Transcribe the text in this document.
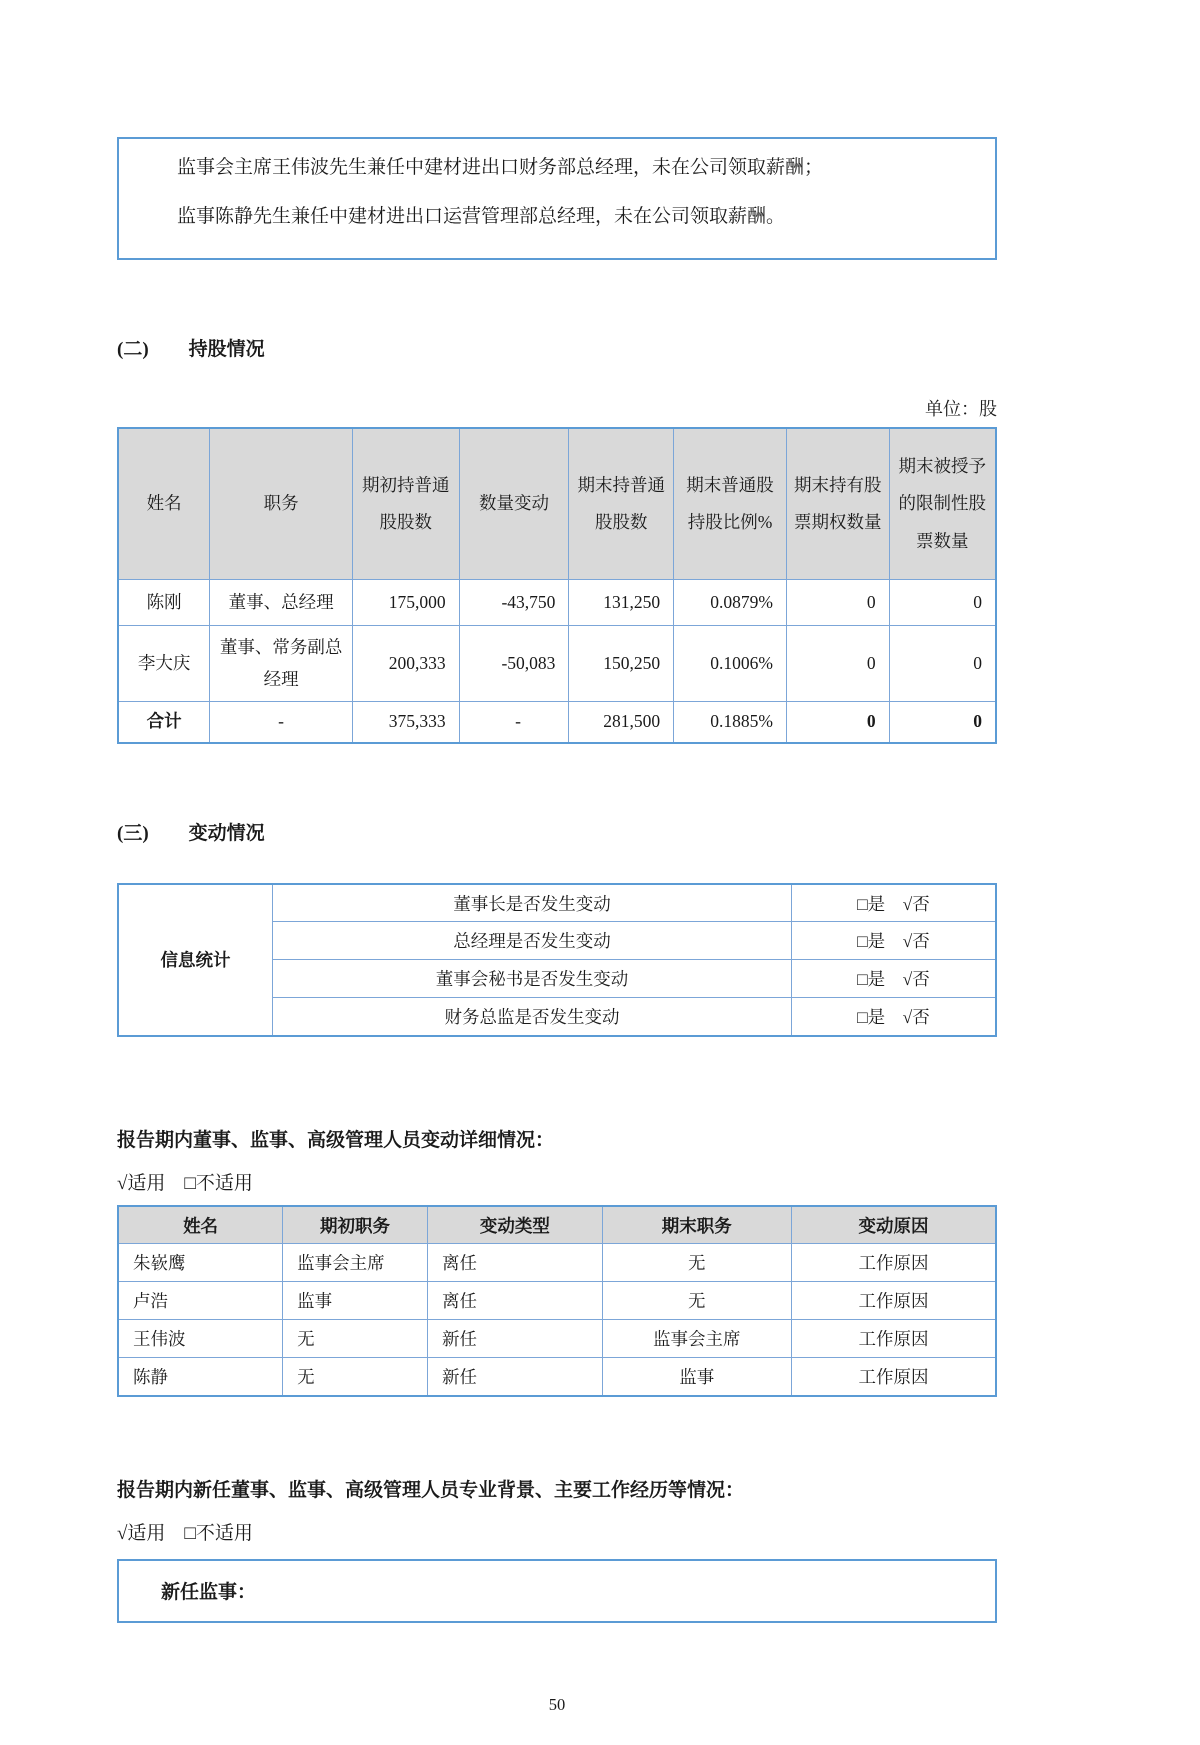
监事会主席王伟波先生兼任中建材进出口财务部总经理，未在公司领取薪酬；

监事陈静先生兼任中建材进出口运营管理部总经理，未在公司领取薪酬。

(二) 持股情况
单位：股
姓名	职务	期初持普通股股数	数量变动	期末持普通股股数	期末普通股持股比例%	期末持有股票期权数量	期末被授予的限制性股票数量
陈刚	董事、总经理	175,000	-43,750	131,250	0.0879%	0	0
李大庆	董事、常务副总经理	200,333	-50,083	150,250	0.1006%	0	0
合计	-	375,333	-	281,500	0.1885%	0	0
(三) 变动情况
信息统计	董事长是否发生变动	□是　√否
	总经理是否发生变动	□是　√否
	董事会秘书是否发生变动	□是　√否
	财务总监是否发生变动	□是　√否
报告期内董事、监事、高级管理人员变动详细情况：
√适用　□不适用
姓名	期初职务	变动类型	期末职务	变动原因
朱嵚鹰	监事会主席	离任	无	工作原因
卢浩	监事	离任	无	工作原因
王伟波	无	新任	监事会主席	工作原因
陈静	无	新任	监事	工作原因
报告期内新任董事、监事、高级管理人员专业背景、主要工作经历等情况：
√适用　□不适用
新任监事：
50
